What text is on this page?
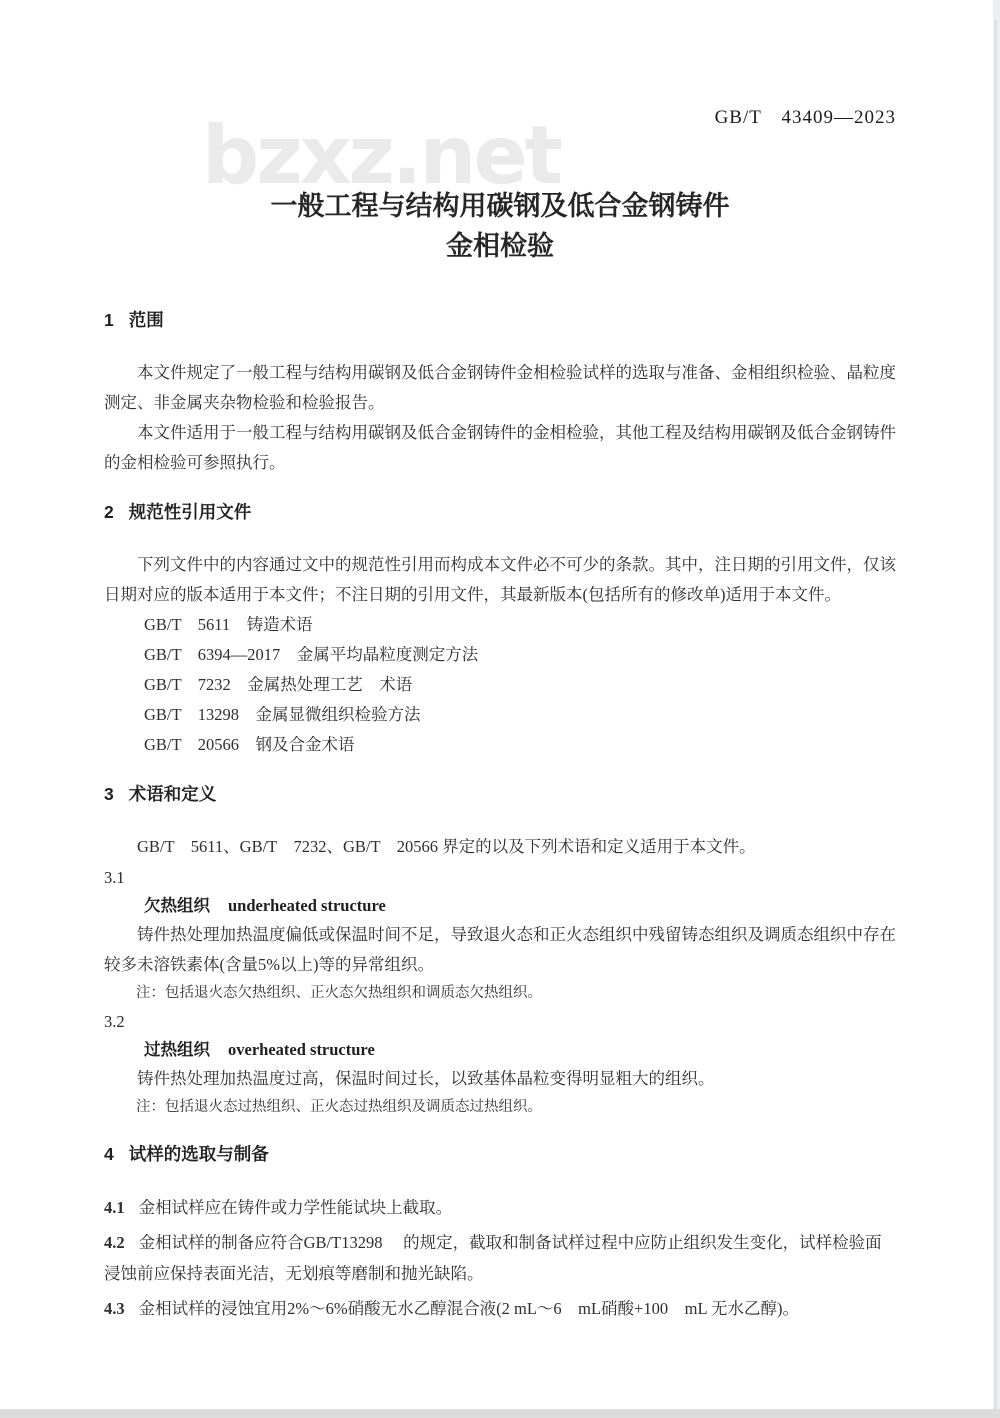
bzxz.net	GB/T　43409—2023
一般工程与结构用碳钢及低合金钢铸件
金相检验
1 范围

本文件规定了一般工程与结构用碳钢及低合金钢铸件金相检验试样的选取与准备、金相组织检验、晶粒度测定、非金属夹杂物检验和检验报告。

本文件适用于一般工程与结构用碳钢及低合金钢铸件的金相检验，其他工程及结构用碳钢及低合金钢铸件的金相检验可参照执行。

2 规范性引用文件

下列文件中的内容通过文中的规范性引用而构成本文件必不可少的条款。其中，注日期的引用文件，仅该日期对应的版本适用于本文件；不注日期的引用文件，其最新版本(包括所有的修改单)适用于本文件。

GB/T　5611　铸造术语
GB/T　6394—2017　金属平均晶粒度测定方法
GB/T　7232　金属热处理工艺　术语
GB/T　13298　金属显微组织检验方法
GB/T　20566　钢及合金术语
3 术语和定义

GB/T　5611、GB/T　7232、GB/T　20566 界定的以及下列术语和定义适用于本文件。

3.1

欠热组织 underheated structure

铸件热处理加热温度偏低或保温时间不足，导致退火态和正火态组织中残留铸态组织及调质态组织中存在较多未溶铁素体(含量5%以上)等的异常组织。

注：包括退火态欠热组织、正火态欠热组织和调质态欠热组织。

3.2

过热组织 overheated structure

铸件热处理加热温度过高，保温时间过长，以致基体晶粒变得明显粗大的组织。

注：包括退火态过热组织、正火态过热组织及调质态过热组织。

4 试样的选取与制备

4.1 金相试样应在铸件或力学性能试块上截取。

4.2 金相试样的制备应符合GB/T13298　 的规定，截取和制备试样过程中应防止组织发生变化，试样检验面浸蚀前应保持表面光洁，无划痕等磨制和抛光缺陷。

4.3 金相试样的浸蚀宜用2%～6%硝酸无水乙醇混合液(2 mL～6　mL硝酸+100　mL 无水乙醇)。
